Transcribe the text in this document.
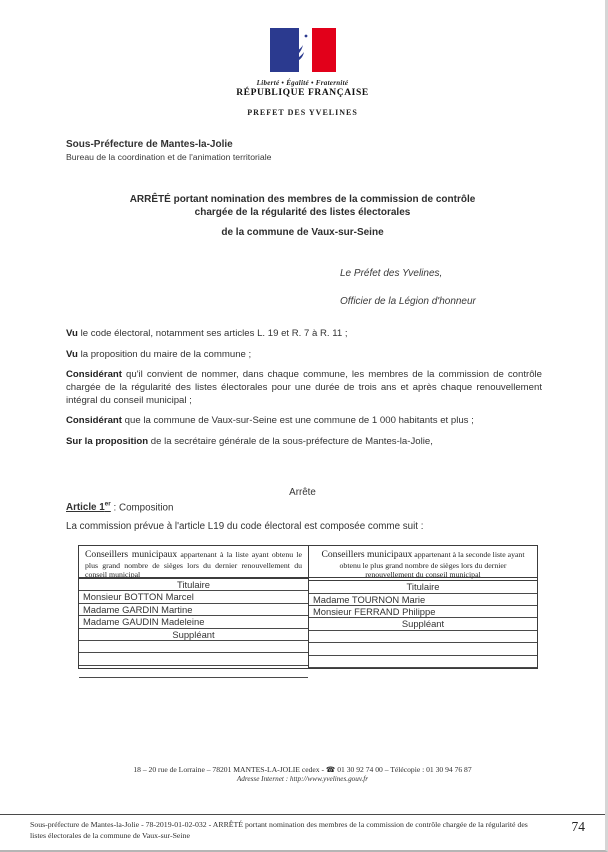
Liberté • Égalité • Fraternité
RÉPUBLIQUE FRANÇAISE
PREFET DES YVELINES
Sous-Préfecture de Mantes-la-Jolie
Bureau de la coordination et de l'animation territoriale
ARRÊTÉ portant nomination des membres de la commission de contrôle
chargée de la régularité des listes électorales
de la commune de Vaux-sur-Seine
Le Préfet des Yvelines,
Officier de la Légion d'honneur

Vu le code électoral, notamment ses articles L. 19 et R. 7 à R. 11 ;

Vu la proposition du maire de la commune ;

Considérant qu'il convient de nommer, dans chaque commune, les membres de la commission de contrôle chargée de la régularité des listes électorales pour une durée de trois ans et après chaque renouvellement intégral du conseil municipal ;

Considérant que la commune de Vaux-sur-Seine est une commune de 1 000 habitants et plus ;

Sur la proposition de la secrétaire générale de la sous-préfecture de Mantes-la-Jolie,

Arrête
Article 1er : Composition
La commission prévue à l'article L19 du code électoral est composée comme suit :
Conseillers municipaux appartenant à la liste ayant obtenu le plus grand nombre de sièges lors du dernier renouvellement du conseil municipal
Titulaire
Monsieur BOTTON Marcel
Madame GARDIN Martine
Madame GAUDIN Madeleine
Suppléant
Conseillers municipaux appartenant à la seconde liste ayant obtenu le plus grand nombre de sièges lors du dernier renouvellement du conseil municipal
Titulaire
Madame TOURNON Marie
Monsieur FERRAND Philippe
Suppléant
18 – 20 rue de Lorraine – 78201 MANTES-LA-JOLIE cedex - ☎ 01 30 92 74 00 – Télécopie : 01 30 94 76 87
Adresse Internet : http://www.yvelines.gouv.fr
Sous-préfecture de Mantes-la-Jolie - 78-2019-01-02-032 - ARRÊTÉ portant nomination des membres de la commission de contrôle chargée de la régularité des listes électorales de la commune de Vaux-sur-Seine
74
